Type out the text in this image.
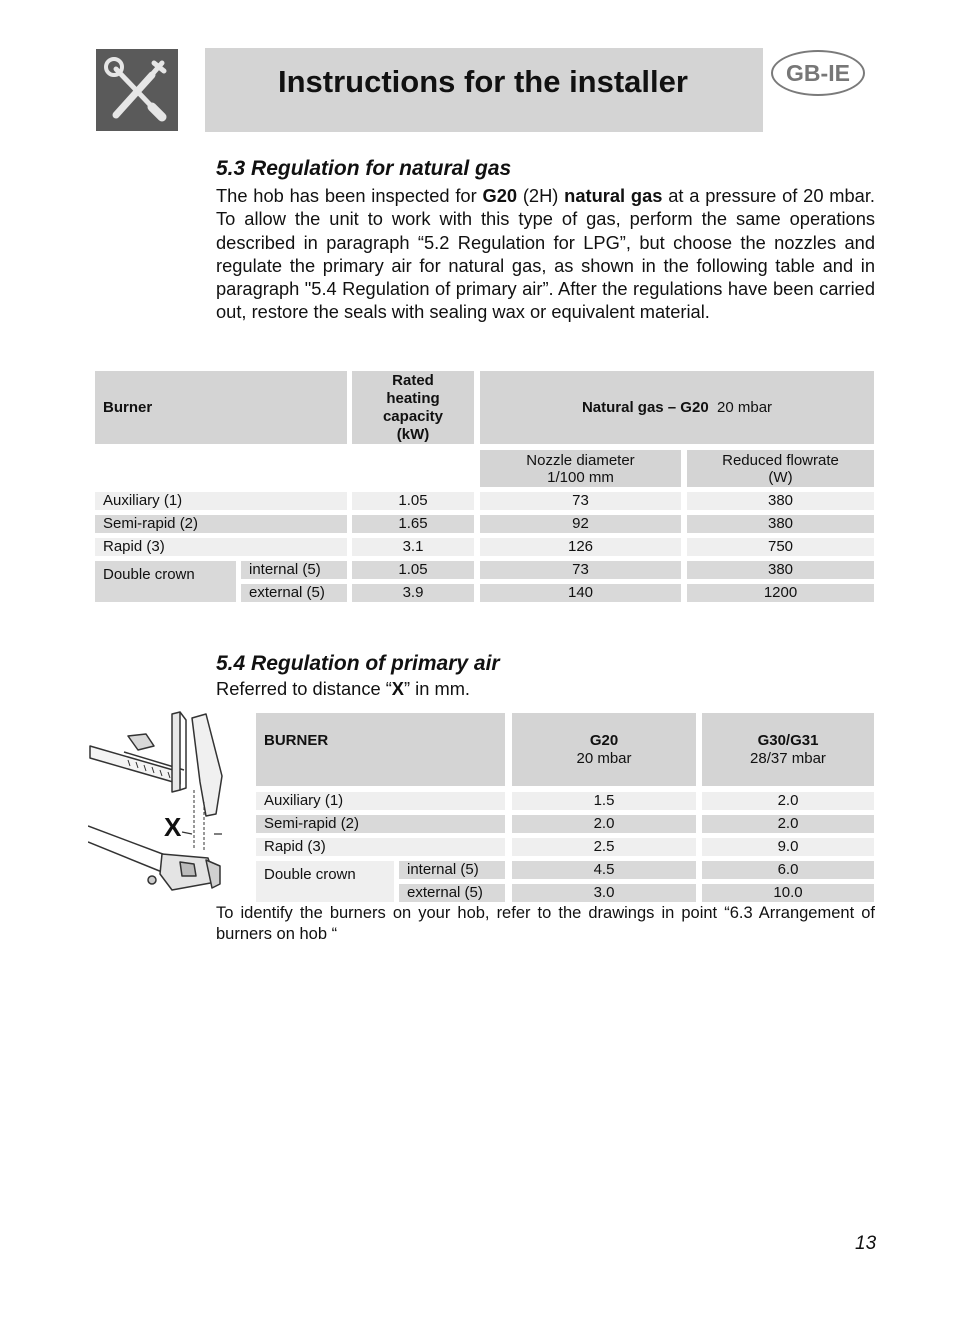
Instructions for the installer	GB-IE
5.3 Regulation for natural gas
The hob has been inspected for G20 (2H) natural gas at a pressure of 20 mbar. To allow the unit to work with this type of gas, perform the same operations described in paragraph “5.2 Regulation for LPG”, but choose the nozzles and regulate the primary air for natural gas, as shown in the following table and in paragraph "5.4 Regulation of primary air”. After the regulations have been carried out, restore the seals with sealing wax or equivalent material.
Burner
Rated heating capacity (kW)
Natural gas – G20
20 mbar
Nozzle diameter 1/100 mm
Reduced flowrate (W)
Auxiliary (1)	1.05	73	380
Semi-rapid (2)	1.65	92	380
Rapid (3)	3.1	126	750
Double crown	internal (5)	1.05	73	380
external (5)	3.9	140	1200
5.4 Regulation of primary air
Referred to distance “X” in mm.
X
BURNER	G20
20 mbar
G30/G31
28/37 mbar
Auxiliary (1)	1.5	2.0
Semi-rapid (2)	2.0	2.0
Rapid (3)	2.5	9.0
Double crown	internal (5)	4.5	6.0
external (5)	3.0	10.0
To identify the burners on your hob, refer to the drawings in point “6.3 Arrangement of burners on hob “
13
